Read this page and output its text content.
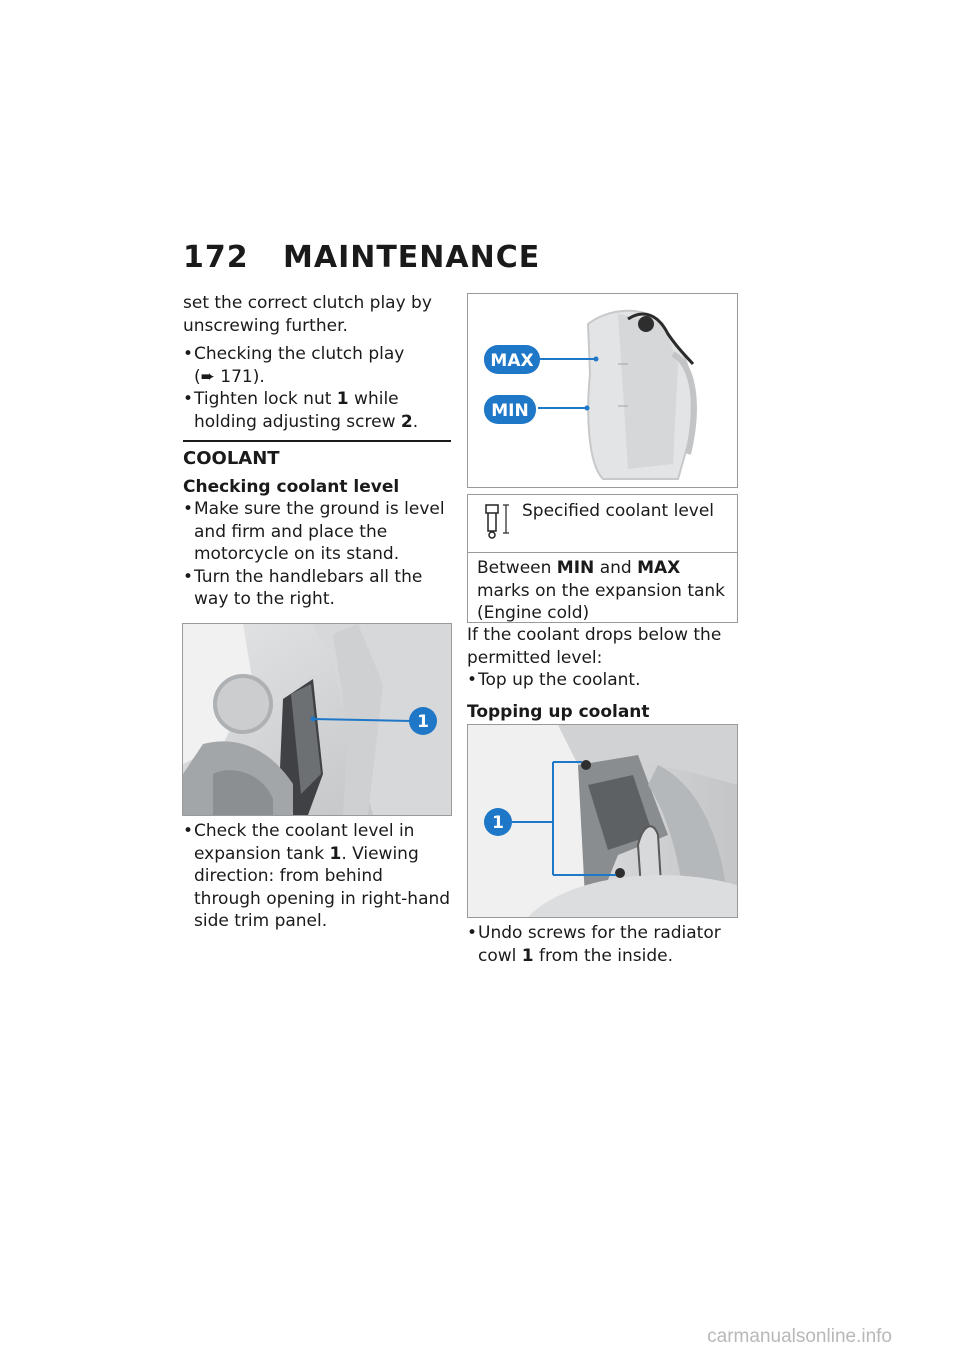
172 MAINTENANCE

set the correct clutch play by unscrewing further.

• Checking the clutch play
(➨ 171).

• Tighten lock nut 1 while holding adjusting screw 2.

COOLANT

Checking coolant level

• Make sure the ground is level and firm and place the motorcycle on its stand.

• Turn the handlebars all the way to the right.

1

• Check the coolant level in expansion tank 1. Viewing direction: from behind through opening in right-hand side trim panel.

MAX
MIN
Specified coolant level
Between MIN and MAX marks on the expansion tank (Engine cold)

If the coolant drops below the permitted level:

• Top up the coolant.

Topping up coolant

1

• Undo screws for the radiator cowl 1 from the inside.

carmanualsonline.info
